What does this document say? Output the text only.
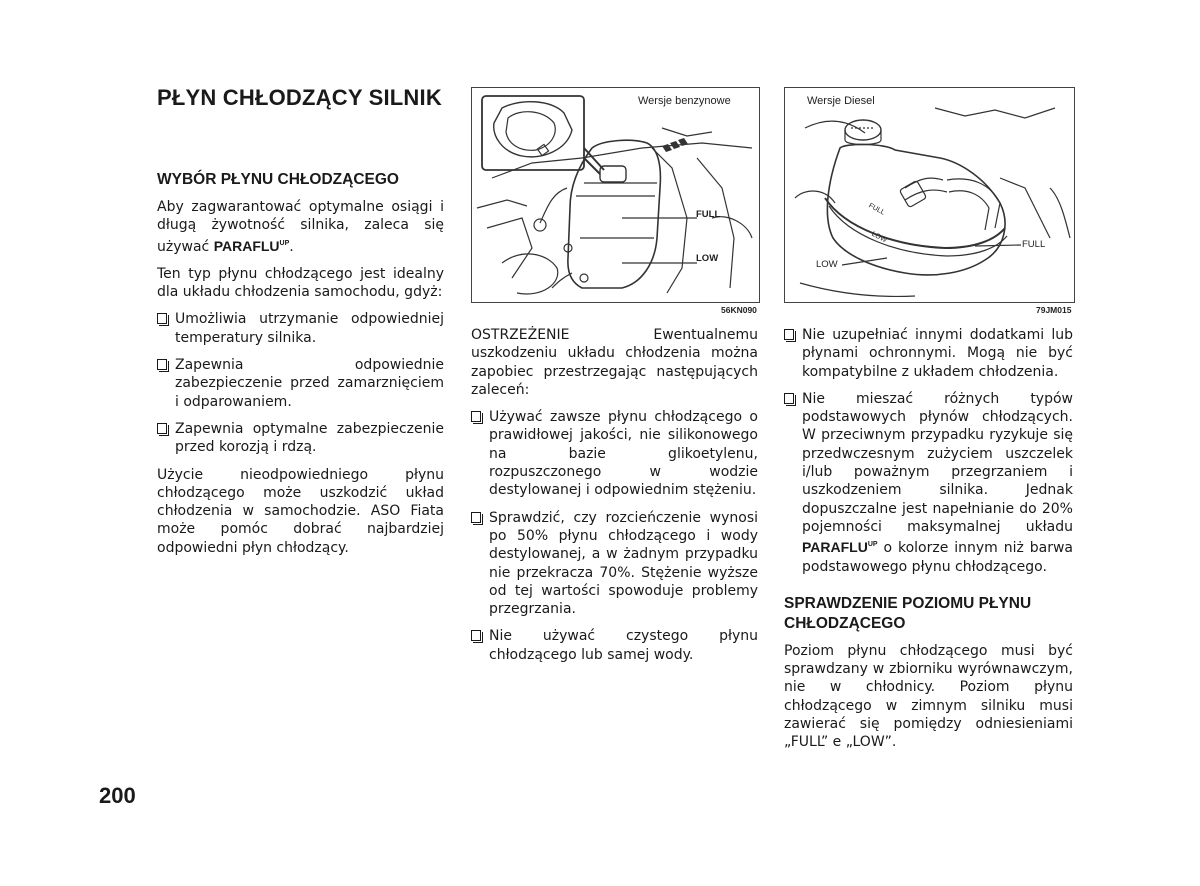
PŁYN CHŁODZĄCY SILNIK
WYBÓR PŁYNU CHŁODZĄCEGO

Aby zagwarantować optymalne osiągi i długą żywotność silnika, zaleca się używać $PARAFLU^{UP}$.

Ten typ płynu chłodzącego jest idealny dla układu chłodzenia samochodu, gdyż:

Umożliwia utrzymanie odpowiedniej temperatury silnika.
Zapewnia odpowiednie zabezpieczenie przed zamarznięciem i odparowaniem.
Zapewnia optymalne zabezpieczenie przed korozją i rdzą.

Użycie nieodpowiedniego płynu chłodzącego może uszkodzić układ chłodzenia w samochodzie. ASO Fiata może pomóc dobrać najbardziej odpowiedni płyn chłodzący.

Wersje benzynowe
FULL
LOW
56KN090
Wersje Diesel
FULL
LOW
FULL
LOW
79JM015

OSTRZEŻENIE Ewentualnemu uszkodzeniu układu chłodzenia można zapobiec przestrzegając następujących zaleceń:

Używać zawsze płynu chłodzącego o prawidłowej jakości, nie silikonowego na bazie glikoetylenu, rozpuszczonego w wodzie destylowanej i odpowiednim stężeniu.
Sprawdzić, czy rozcieńczenie wynosi po 50% płynu chłodzącego i wody destylowanej, a w żadnym przypadku nie przekracza 70%. Stężenie wyższe od tej wartości spowoduje problemy przegrzania.
Nie używać czystego płynu chłodzącego lub samej wody.
Nie uzupełniać innymi dodatkami lub płynami ochronnymi. Mogą nie być kompatybilne z układem chłodzenia.
Nie mieszać różnych typów podstawowych płynów chłodzących. W przeciwnym przypadku ryzykuje się przedwczesnym zużyciem uszczelek i/lub poważnym przegrzaniem i uszkodzeniem silnika. Jednak dopuszczalne jest napełnianie do 20% pojemności maksymalnej układu $PARAFLU^{UP}$ o kolorze innym niż barwa podstawowego płynu chłodzącego.
SPRAWDZENIE POZIOMU PŁYNU CHŁODZĄCEGO

Poziom płynu chłodzącego musi być sprawdzany w zbiorniku wyrównawczym, nie w chłodnicy. Poziom płynu chłodzącego w zimnym silniku musi zawierać się pomiędzy odniesieniami „FULL” e „LOW”.

200
